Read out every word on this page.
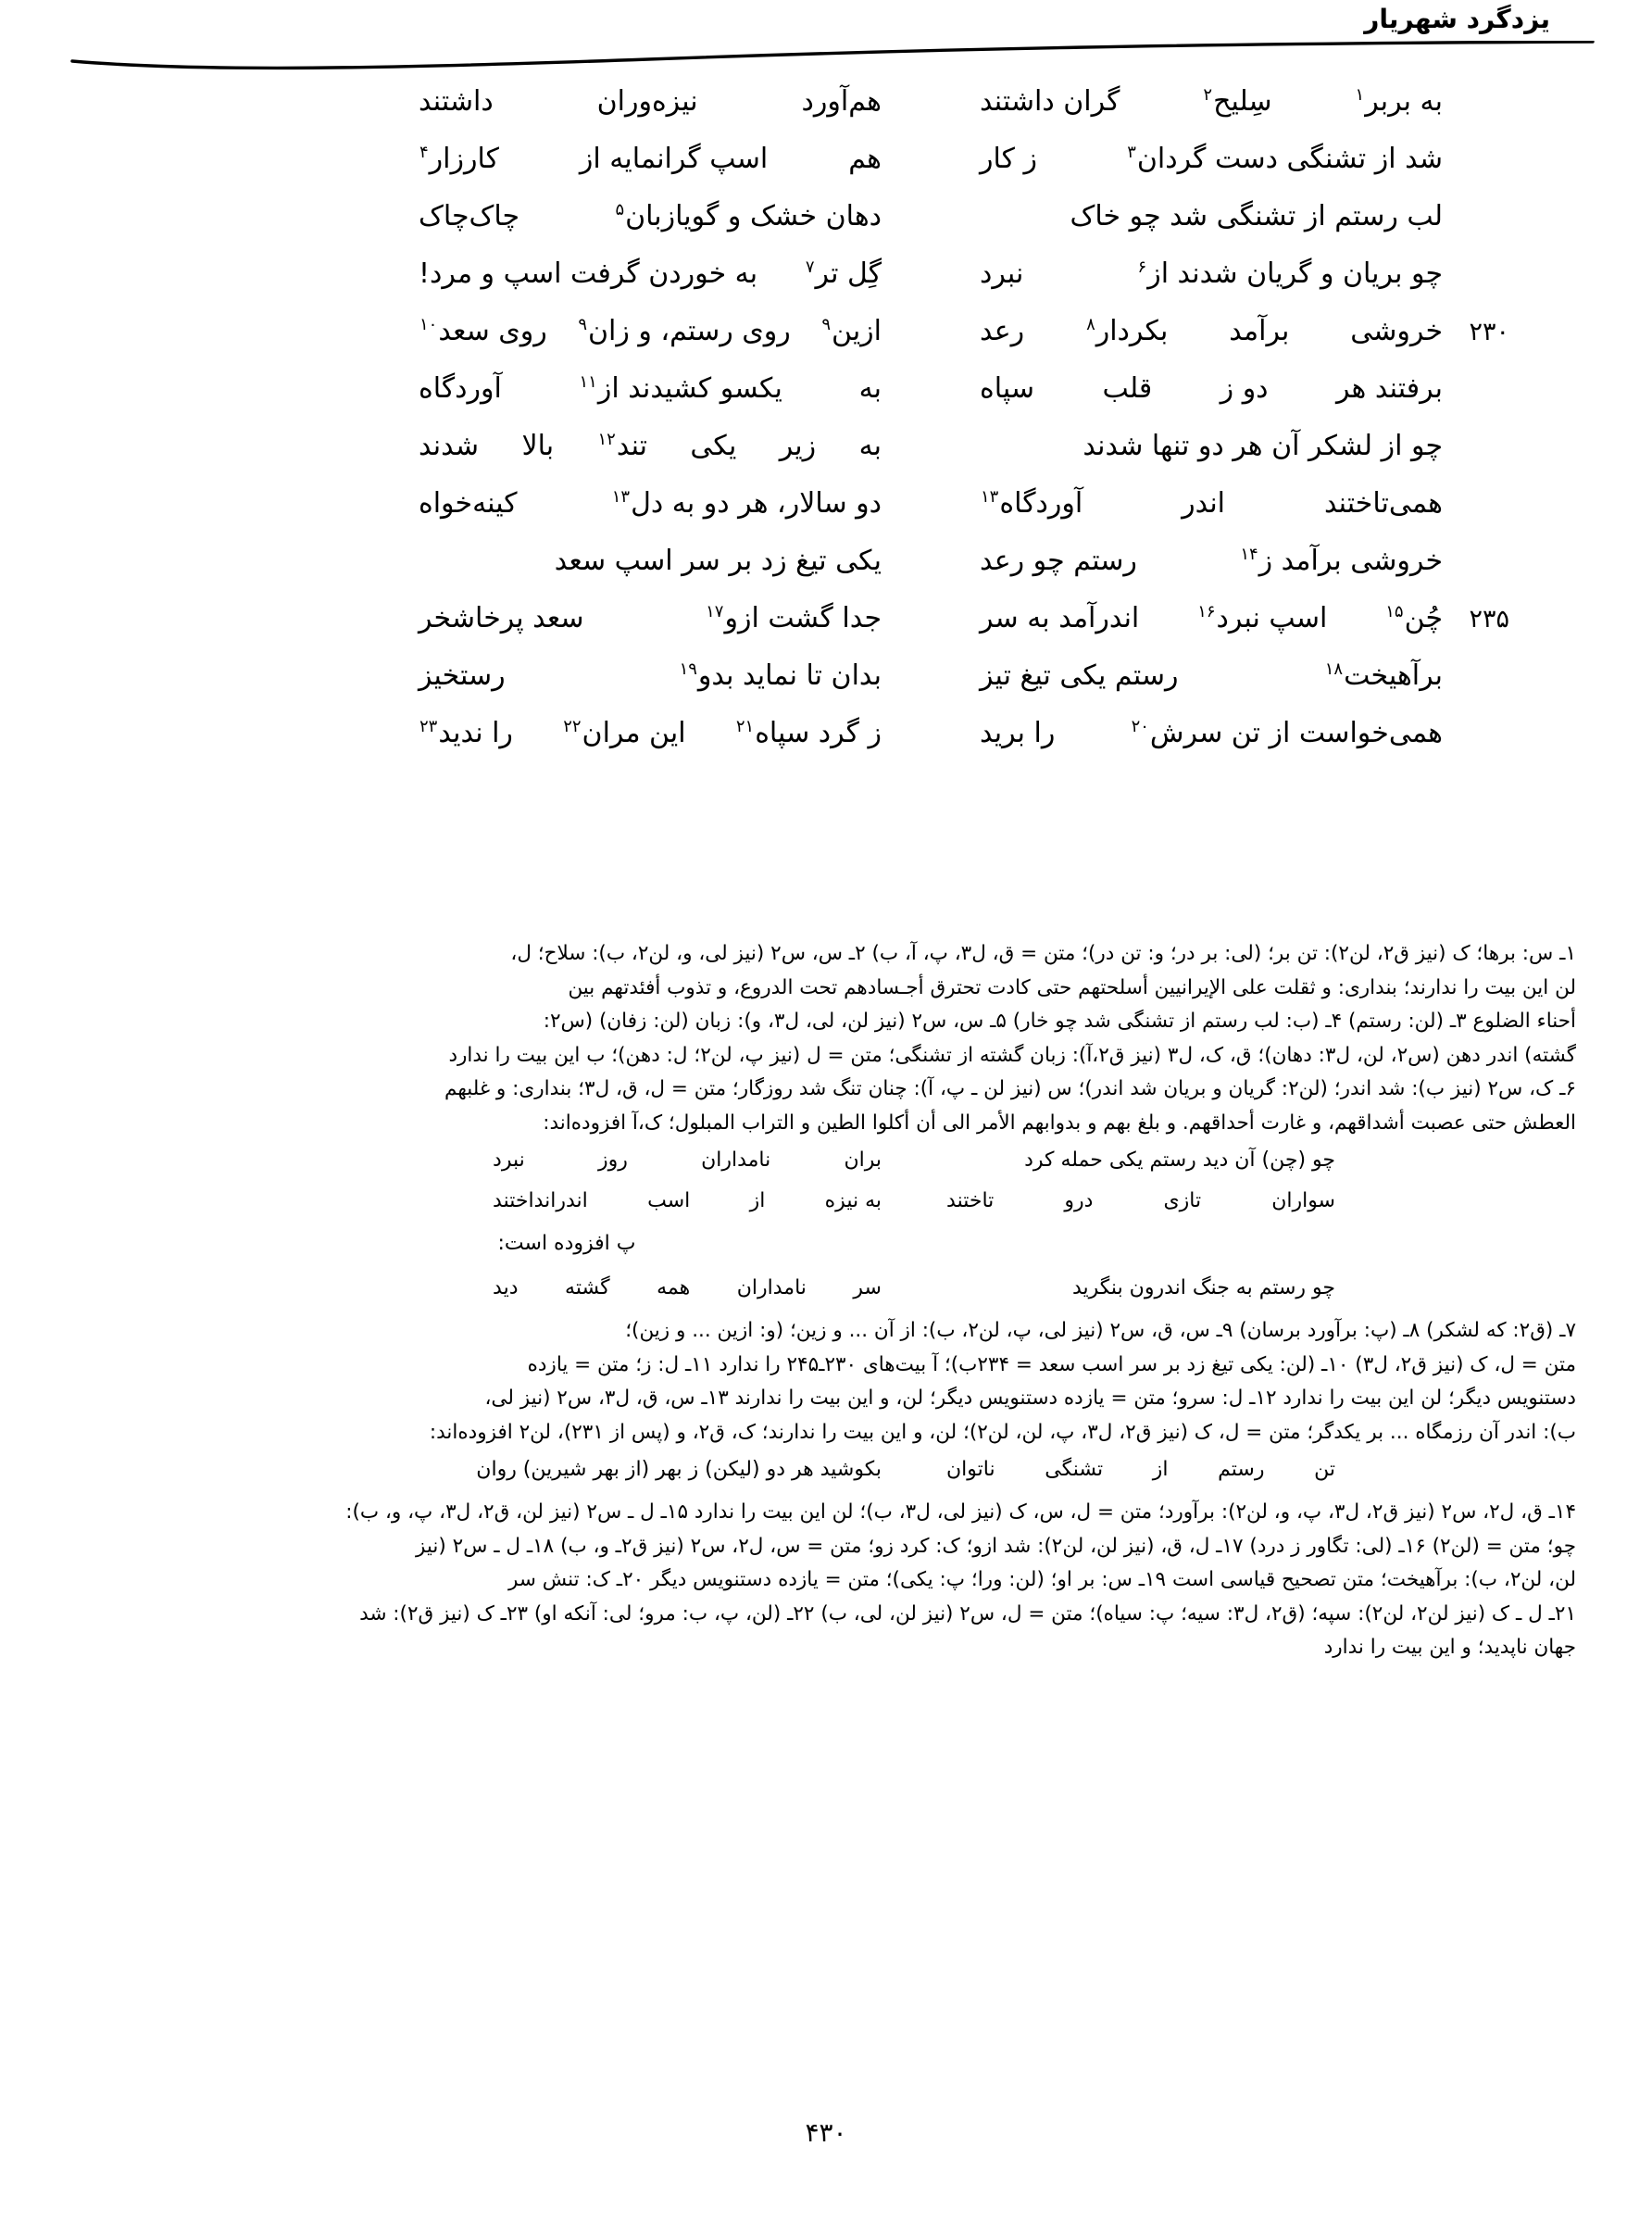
یزدگرد شهریار
به بربر$^۱$
سِلیح$^۲$
گران داشتند
هم‌آورد
نیزه‌وران
داشتند
شد از تشنگی دست گردان$^۳$
ز کار
هم
اسپ گرانمایه از
کارزار$^۴$
لب رستم از تشنگی شد چو خاک
دهان خشک و گویازبان$^۵$
چاک‌چاک
چو بریان و گریان شدند از$^۶$
نبرد
گِل تر$^۷$
به خوردن گرفت اسپ و مرد!
۲۳۰
خروشی
برآمد
بکردار$^۸$
رعد
ازین$^۹$
روی رستم، و زان$^۹$
روی سعد$^{۱۰}$
برفتند هر
دو ز
قلب
سپاه
به
یکسو کشیدند از$^{۱۱}$
آوردگاه
چو از لشکر آن هر دو تنها شدند
به
زیر
یکی
تند$^{۱۲}$
بالا
شدند
همی‌تاختند
اندر
آوردگاه$^{۱۳}$
دو سالار، هر دو به دل$^{۱۳}$
کینه‌خواه
خروشی برآمد ز$^{۱۴}$
رستم چو رعد
یکی تیغ زد بر سر اسپ سعد
۲۳۵
چُن$^{۱۵}$
اسپ نبرد$^{۱۶}$
اندرآمد به سر
جدا گشت ازو$^{۱۷}$
سعد پرخاشخر
برآهیخت$^{۱۸}$
رستم یکی تیغ تیز
بدان تا نماید بدو$^{۱۹}$
رستخیز
همی‌خواست از تن سرش$^{۲۰}$
را برید
ز گرد سپاه$^{۲۱}$
این مران$^{۲۲}$
را ندید$^{۲۳}$
۱ـ س: بر‌ها؛ ک (نیز ق۲، لن۲): تن بر؛ (لی: بر در؛ و: تن در)؛ متن = ق، ل۳، پ، آ، ب) ۲ـ س، س۲ (نیز لی، و، لن۲، ب): سلاح؛ ل،
لن این بیت را ندارند؛ بنداری: و ثقلت علی الإیرانیین أسلحتهم حتی کادت تحترق أجـسادهم تحت الدروع، و تذوب أفئدتهم بین
أحناء الضلوع ۳ـ (لن: رستم) ۴ـ (ب: لب رستم از تشنگی شد چو خار) ۵ـ س، س۲ (نیز لن، لی، ل۳، و): زبان (لن: زفان) (س۲:
گشته) اندر دهن (س۲، لن، ل۳: دهان)؛ ق، ک، ل۳ (نیز ق۲،آ): زبان گشته از تشنگی؛ متن = ل (نیز پ، لن۲؛ ل: دهن)؛ ب این بیت را ندارد
۶ـ ک، س۲ (نیز ب): شد اندر؛ (لن۲: گریان و بریان شد اندر)؛ س (نیز لن ـ پ، آ): چنان تنگ شد روزگار؛ متن = ل، ق، ل۳؛ بنداری: و غلبهم
العطش حتی عصبت أشداقهم، و غارت أحداقهم. و بلغ بهم و بدوابهم الأمر الی أن أکلوا الطین و التراب المبلول؛ ک،آ افزوده‌اند:
چو (چن) آن دید رستم یکی حمله کرد
بران
نامداران
روز
نبرد
سواران
تازی
درو
تاختند
به نیزه
از
اسب
اندرانداختند
پ افزوده است:
چو رستم به جنگ اندرون بنگرید
سر
نامداران
همه
گشته
دید
۷ـ (ق۲: که لشکر) ۸ـ (پ: برآورد برسان) ۹ـ س، ق، س۲ (نیز لی، پ، لن۲، ب): از آن ... و زین؛ (و: ازین ... و زین)؛
متن = ل، ک (نیز ق۲، ل۳) ۱۰ـ (لن: یکی تیغ زد بر سر اسب سعد = ۲۳۴ب)؛ آ بیت‌های ۲۳۰ـ۲۴۵ را ندارد ۱۱ـ ل: ز؛ متن = یازده
دستنویس دیگر؛ لن این بیت را ندارد ۱۲ـ ل: سرو؛ متن = یازده دستنویس دیگر؛ لن، و این بیت را ندارند ۱۳ـ س، ق، ل۳، س۲ (نیز لی،
ب): اندر آن رزمگاه ... بر یکدگر؛ متن = ل، ک (نیز ق۲، ل۳، پ، لن، لن۲)؛ لن، و این بیت را ندارند؛ ک، ق۲، و (پس از ۲۳۱)، لن۲ افزوده‌اند:
تن
رستم
از
تشنگی
ناتوان
بکوشید هر دو (لیکن) ز بهر (از بهر شیرین) روان
۱۴ـ ق، ل۲، س۲ (نیز ق۲، ل۳، پ، و، لن۲): برآورد؛ متن = ل، س، ک (نیز لی، ل۳، ب)؛ لن این بیت را ندارد ۱۵ـ ل ـ س۲ (نیز لن، ق۲، ل۳، پ، و، ب):
چو؛ متن = (لن۲) ۱۶ـ (لی: تگاور ز درد) ۱۷ـ ل، ق، (نیز لن، لن۲): شد ازو؛ ک: کرد زو؛ متن = س، ل۲، س۲ (نیز ق۲ـ و، ب) ۱۸ـ ل ـ س۲ (نیز
لن، لن۲، ب): برآهیخت؛ متن تصحیح قیاسی است ۱۹ـ س: بر او؛ (لن: ورا؛ پ: یکی)؛ متن = یازده دستنویس دیگر ۲۰ـ ک: تنش سر
۲۱ـ ل ـ ک (نیز لن۲، لن۲): سپه؛ (ق۲، ل۳: سیه؛ پ: سیاه)؛ متن = ل، س۲ (نیز لن، لی، ب) ۲۲ـ (لن، پ، ب: مرو؛ لی: آنکه او) ۲۳ـ ک (نیز ق۲): شد
جهان ناپدید؛ و این بیت را ندارد
۴۳۰
